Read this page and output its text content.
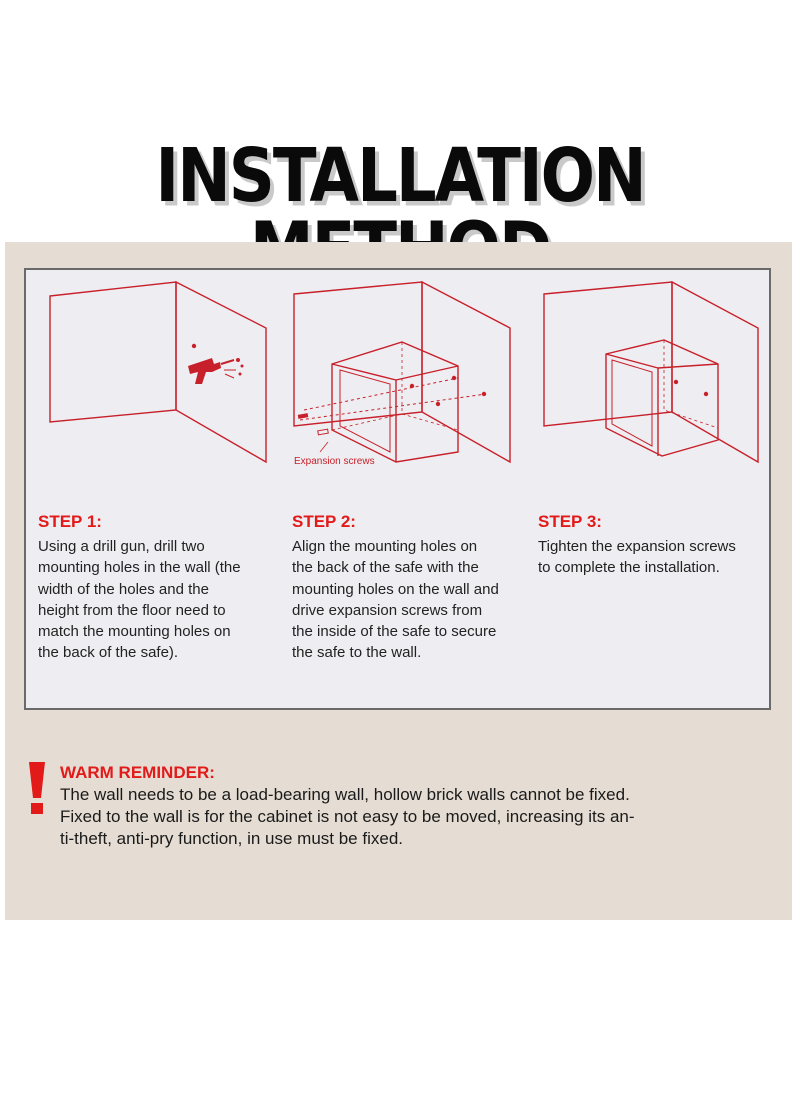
INSTALLATION
Expansion screws

STEP 1:

Using a drill gun, drill two
mounting holes in the wall (the
width of the holes and the
height from the floor need to
match the mounting holes on
the back of the safe).

STEP 2:

Align the mounting holes on
the back of the safe with the
mounting holes on the wall and
drive expansion screws from
the inside of the safe to secure
the safe to the wall.

STEP 3:

Tighten the expansion screws
to complete the installation.

WARM REMINDER:

The wall needs to be a load-bearing wall, hollow brick walls cannot be fixed.
Fixed to the wall is for the cabinet is not easy to be moved, increasing its an-
ti-theft, anti-pry function, in use must be fixed.
